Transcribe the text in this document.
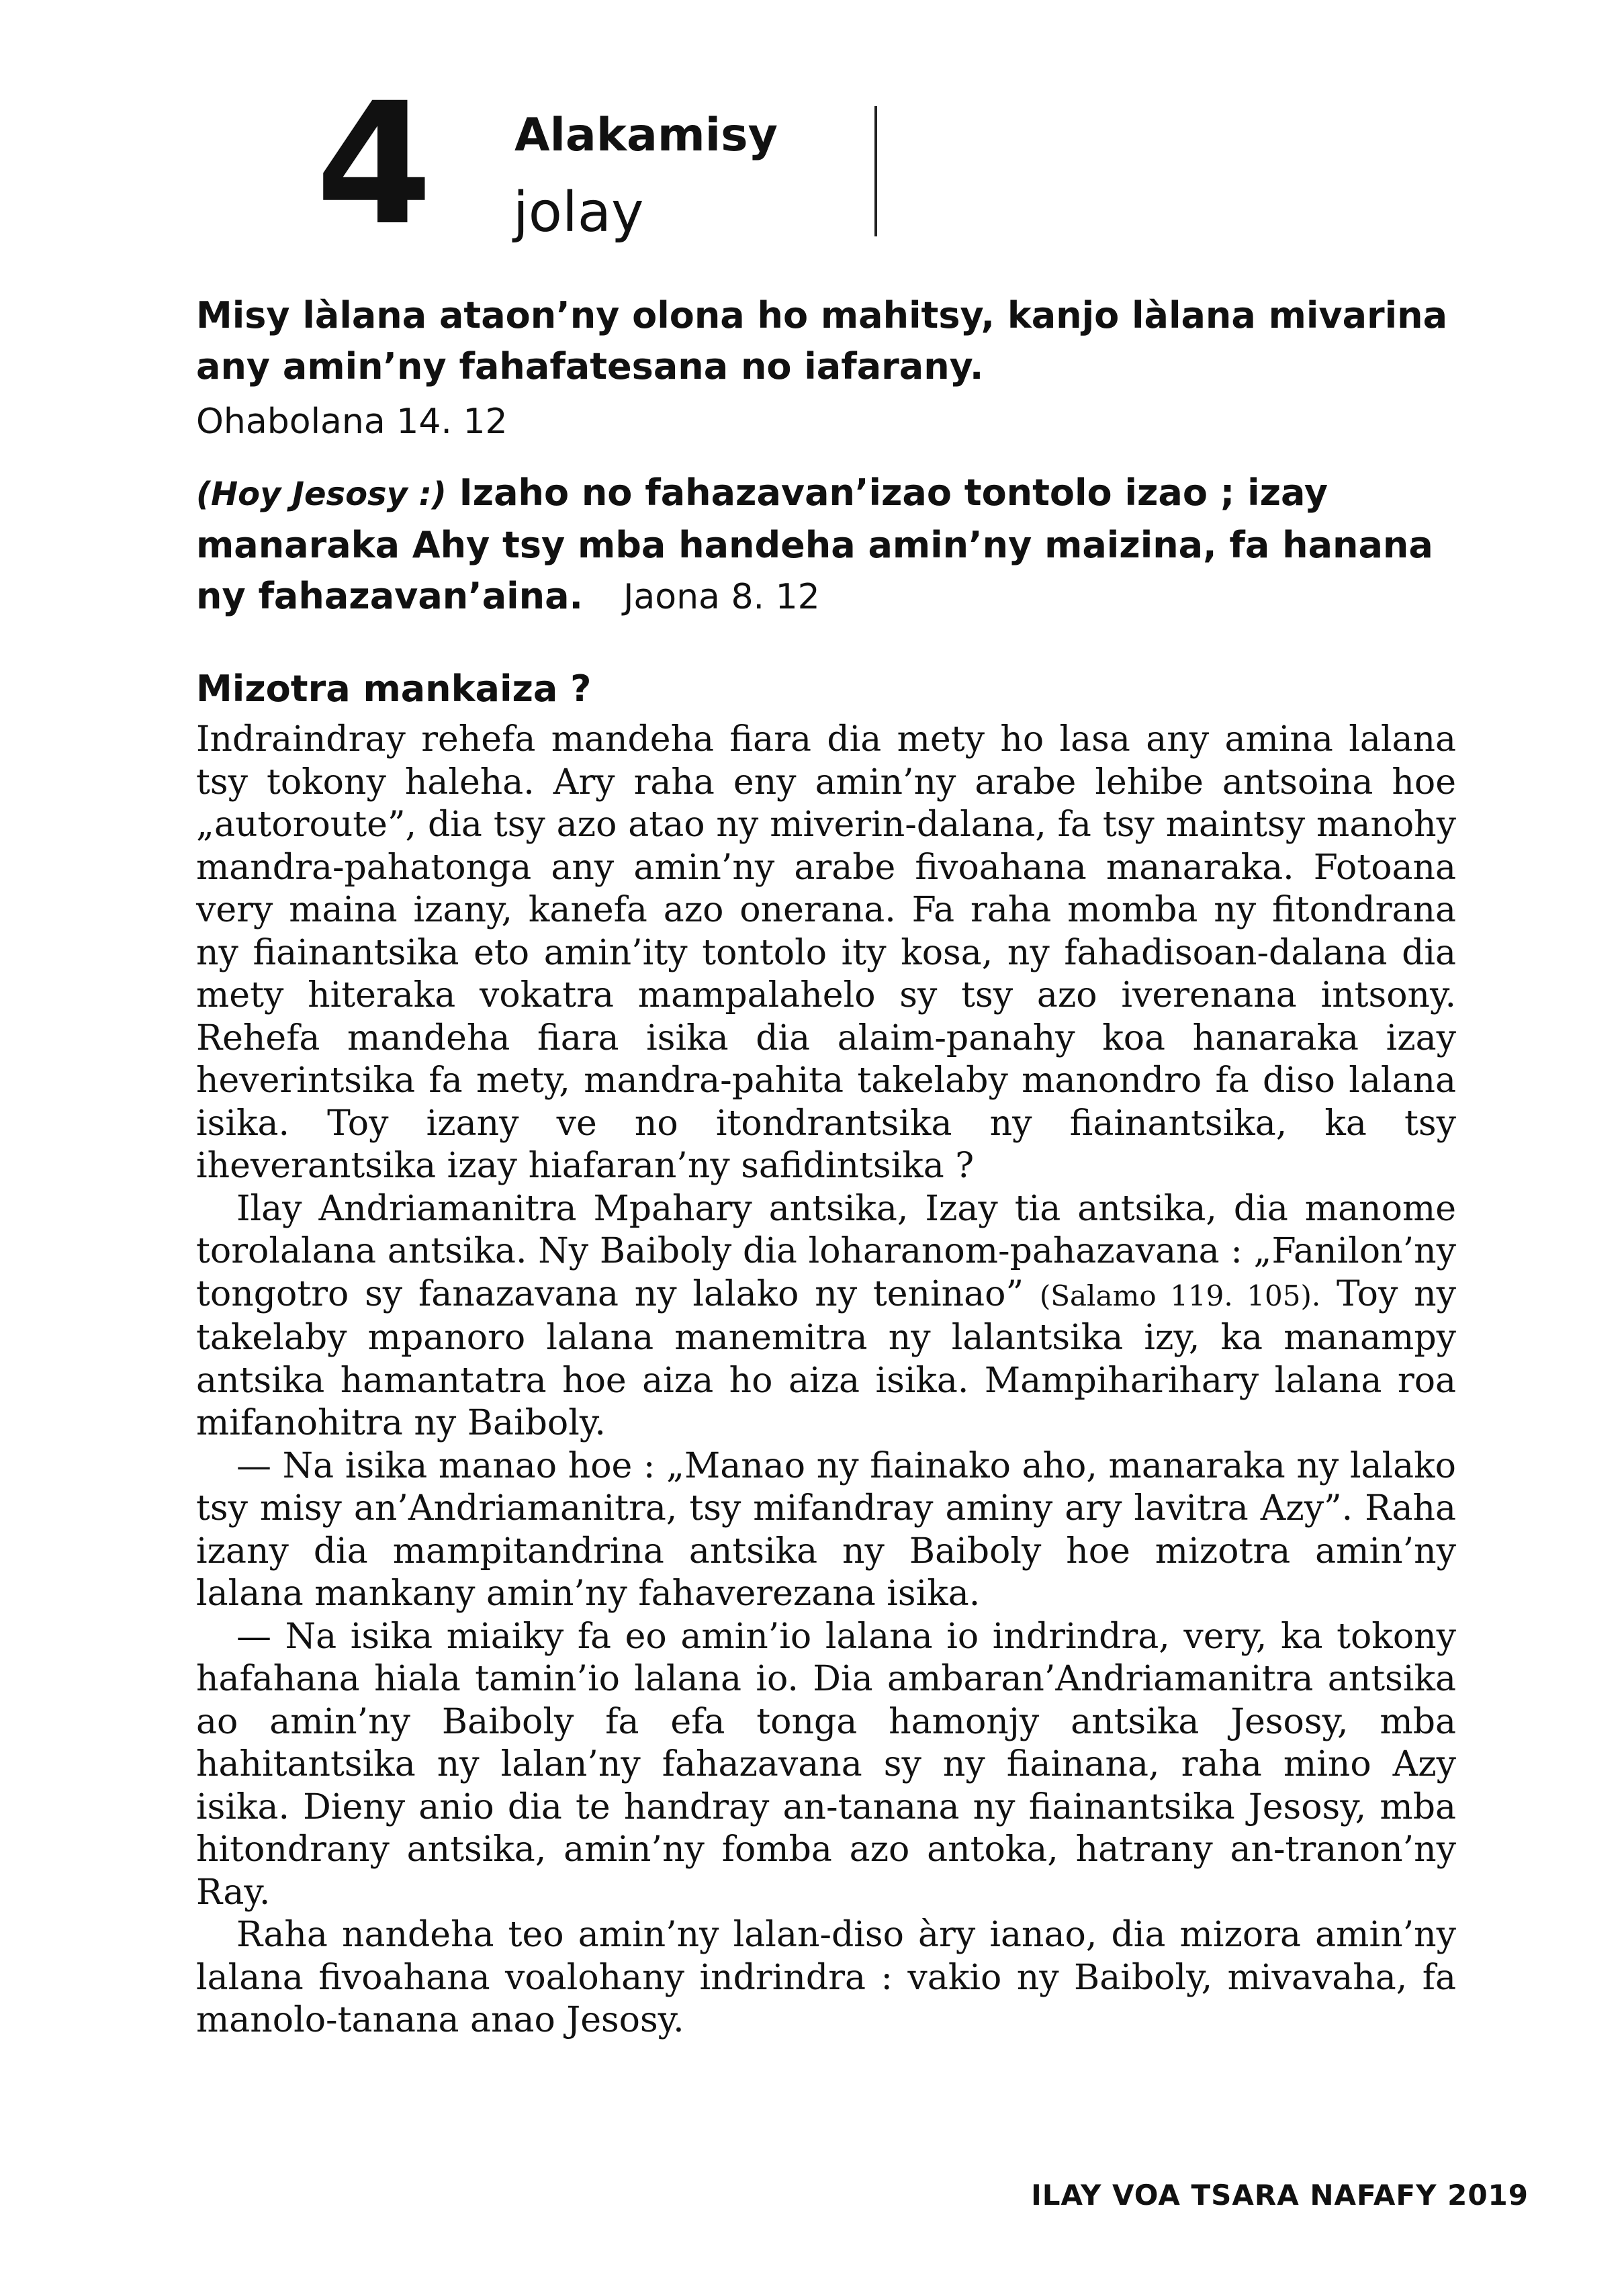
4 Alakamisy
jolay
Misy làlana ataon’ny olona ho mahitsy, kanjo làlana mivarina any amin’ny fahafatesana no iafarany.
Ohabolana 14. 12
(Hoy Jesosy :) Izaho no fahazavan’izao tontolo izao ; izay manaraka Ahy tsy mba handeha amin’ny maizina, fa hanana ny fahazavan’aina. Jaona 8. 12
Mizotra mankaiza ?

Indraindray rehefa mandeha fiara dia mety ho lasa any amina lalana tsy tokony haleha. Ary raha eny amin’ny arabe lehibe antsoina hoe „autoroute”, dia tsy azo atao ny miverin-dalana, fa tsy maintsy manohy mandra-pahatonga any amin’ny arabe fivoahana manaraka. Fotoana very maina izany, kanefa azo onerana. Fa raha momba ny fitondrana ny fiainantsika eto amin’ity tontolo ity kosa, ny fahadisoan-dalana dia mety hiteraka vokatra mampalahelo sy tsy azo iverenana intsony. Rehefa mandeha fiara isika dia alaim-panahy koa hanaraka izay heverintsika fa mety, mandra-pahita takelaby manondro fa diso lalana isika. Toy izany ve no itondrantsika ny fiainantsika, ka tsy iheverantsika izay hiafaran’ny safidintsika ?

Ilay Andriamanitra Mpahary antsika, Izay tia antsika, dia manome torolalana antsika. Ny Baiboly dia loharanom-pahazavana : „Fanilon’ny tongotro sy fanazavana ny lalako ny teninao” (Salamo 119. 105). Toy ny takelaby mpanoro lalana manemitra ny lalantsika izy, ka manampy antsika hamantatra hoe aiza ho aiza isika. Mampiharihary lalana roa mifanohitra ny Baiboly.

— Na isika manao hoe : „Manao ny fiainako aho, manaraka ny lalako tsy misy an’Andriamanitra, tsy mifandray aminy ary lavitra Azy”. Raha izany dia mampitandrina antsika ny Baiboly hoe mizotra amin’ny lalana mankany amin’ny fahaverezana isika.

— Na isika miaiky fa eo amin’io lalana io indrindra, very, ka tokony hafahana hiala tamin’io lalana io. Dia ambaran’Andriamanitra antsika ao amin’ny Baiboly fa efa tonga hamonjy antsika Jesosy, mba hahitantsika ny lalan’ny fahazavana sy ny fiainana, raha mino Azy isika. Dieny anio dia te handray an-tanana ny fiainantsika Jesosy, mba hitondrany antsika, amin’ny fomba azo antoka, hatrany an-tranon’ny Ray.

Raha nandeha teo amin’ny lalan-diso àry ianao, dia mizora amin’ny lalana fivoahana voalohany indrindra : vakio ny Baiboly, mivavaha, fa manolo-tanana anao Jesosy.

ILAY VOA TSARA NAFAFY 2019
